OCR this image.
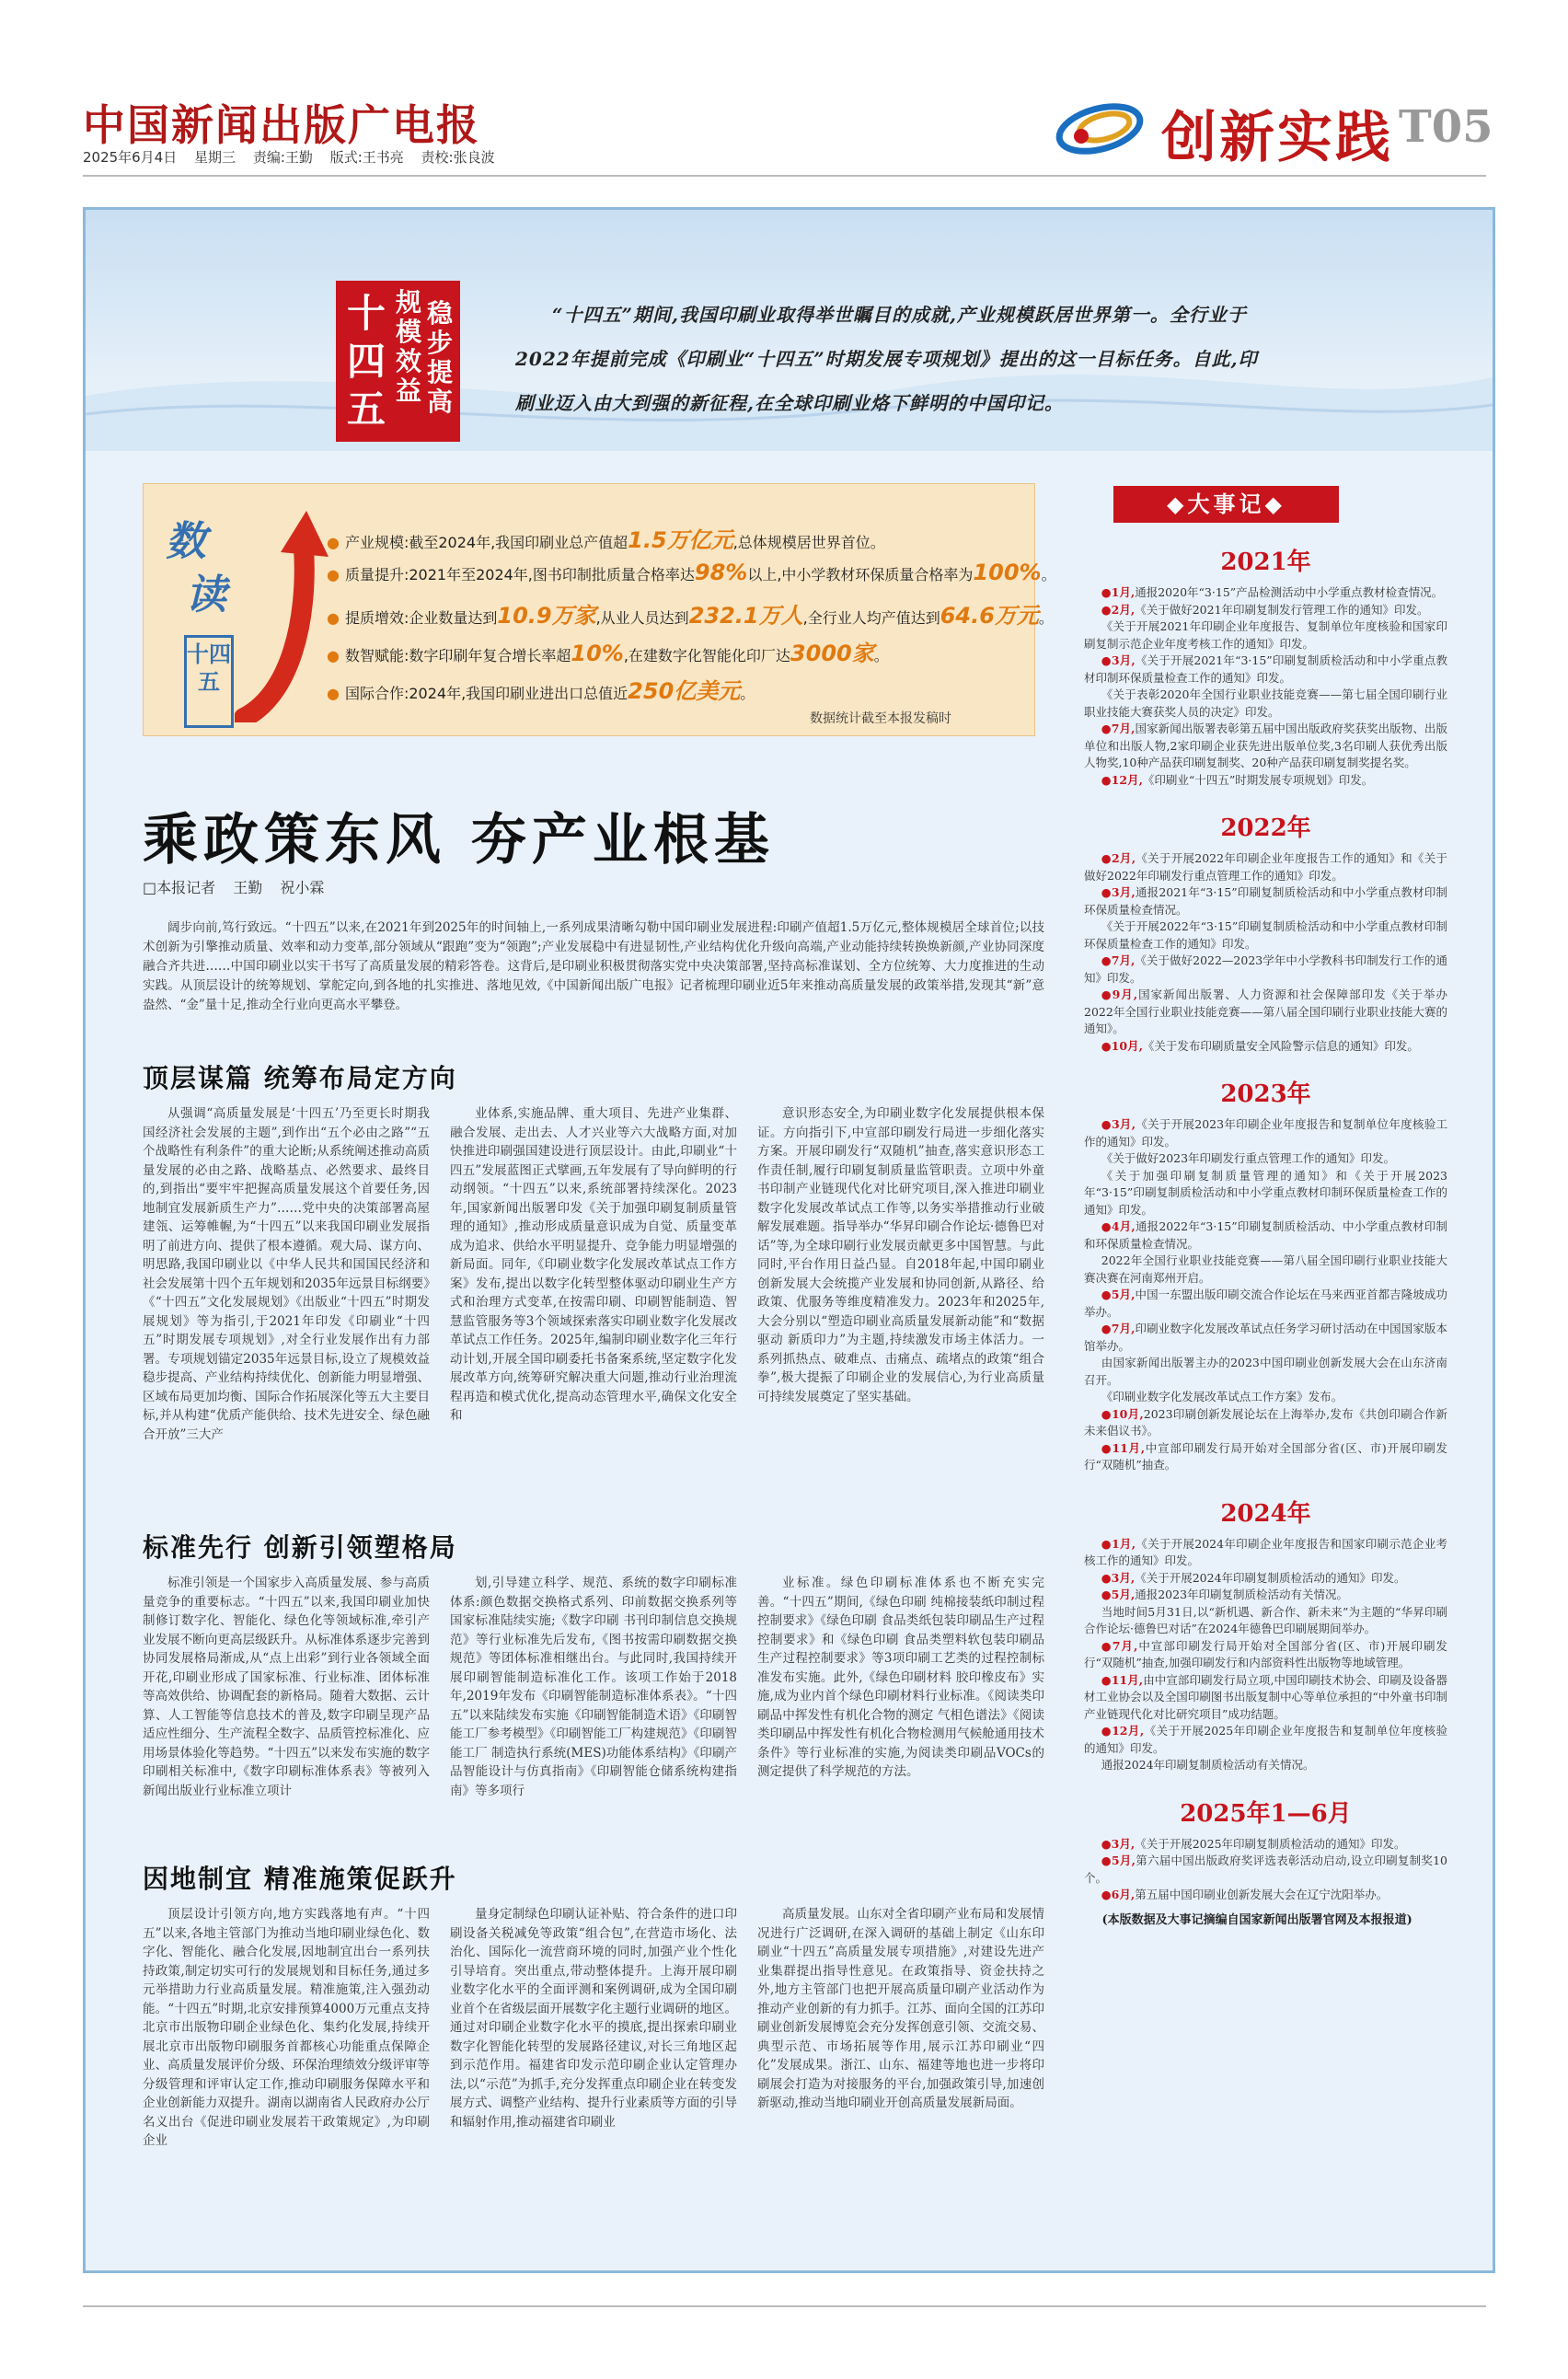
中国新闻出版广电报
2025年6月4日 星期三 责编:王勤 版式:王书亮 责校:张良波	创新实践 T05
十四五
规模效益
稳步提高
“十四五”期间,我国印刷业取得举世瞩目的成就,产业规模跃居世界第一。全行业于2022年提前完成《印刷业“十四五”时期发展专项规划》提出的这一目标任务。自此,印刷业迈入由大到强的新征程,在全球印刷业烙下鲜明的中国印记。
数
读
十四五
● 产业规模:截至2024年,我国印刷业总产值超1.5万亿元,总体规模居世界首位。
● 质量提升:2021年至2024年,图书印制批质量合格率达98%以上,中小学教材环保质量合格率为100%。
● 提质增效:企业数量达到10.9万家,从业人员达到232.1万人,全行业人均产值达到64.6万元。
● 数智赋能:数字印刷年复合增长率超10%,在建数字化智能化印厂达3000家。
● 国际合作:2024年,我国印刷业进出口总值近250亿美元。
数据统计截至本报发稿时
乘政策东风 夯产业根基
□本报记者 王勤 祝小霖
阔步向前,笃行致远。“十四五”以来,在2021年到2025年的时间轴上,一系列成果清晰勾勒中国印刷业发展进程:印刷产值超1.5万亿元,整体规模居全球首位;以技术创新为引擎推动质量、效率和动力变革,部分领域从“跟跑”变为“领跑”;产业发展稳中有进显韧性,产业结构优化升级向高端,产业动能持续转换焕新颜,产业协同深度融合齐共进……中国印刷业以实干书写了高质量发展的精彩答卷。这背后,是印刷业积极贯彻落实党中央决策部署,坚持高标准谋划、全方位统筹、大力度推进的生动实践。从顶层设计的统筹规划、掌舵定向,到各地的扎实推进、落地见效,《中国新闻出版广电报》记者梳理印刷业近5年来推动高质量发展的政策举措,发现其“新”意盎然、“金”量十足,推动全行业向更高水平攀登。
顶层谋篇 统筹布局定方向

从强调“高质量发展是‘十四五’乃至更长时期我国经济社会发展的主题”,到作出“五个必由之路”“五个战略性有利条件”的重大论断;从系统阐述推动高质量发展的必由之路、战略基点、必然要求、最终目的,到指出“要牢牢把握高质量发展这个首要任务,因地制宜发展新质生产力”……党中央的决策部署高屋建瓴、运筹帷幄,为“十四五”以来我国印刷业发展指明了前进方向、提供了根本遵循。观大局、谋方向、明思路,我国印刷业以《中华人民共和国国民经济和社会发展第十四个五年规划和2035年远景目标纲要》《“十四五”文化发展规划》《出版业“十四五”时期发展规划》等为指引,于2021年印发《印刷业“十四五”时期发展专项规划》,对全行业发展作出有力部署。专项规划锚定2035年远景目标,设立了规模效益稳步提高、产业结构持续优化、创新能力明显增强、区域布局更加均衡、国际合作拓展深化等五大主要目标,并从构建“优质产能供给、技术先进安全、绿色融合开放”三大产

业体系,实施品牌、重大项目、先进产业集群、融合发展、走出去、人才兴业等六大战略方面,对加快推进印刷强国建设进行顶层设计。由此,印刷业“十四五”发展蓝图正式擘画,五年发展有了导向鲜明的行动纲领。“十四五”以来,系统部署持续深化。2023年,国家新闻出版署印发《关于加强印刷复制质量管理的通知》,推动形成质量意识成为自觉、质量变革成为追求、供给水平明显提升、竞争能力明显增强的新局面。同年,《印刷业数字化发展改革试点工作方案》发布,提出以数字化转型整体驱动印刷业生产方式和治理方式变革,在按需印刷、印刷智能制造、智慧监管服务等3个领域探索落实印刷业数字化发展改革试点工作任务。2025年,编制印刷业数字化三年行动计划,开展全国印刷委托书备案系统,坚定数字化发展改革方向,统筹研究解决重大问题,推动行业治理流程再造和模式优化,提高动态管理水平,确保文化安全和

意识形态安全,为印刷业数字化发展提供根本保证。方向指引下,中宣部印刷发行局进一步细化落实方案。开展印刷发行“双随机”抽查,落实意识形态工作责任制,履行印刷复制质量监管职责。立项中外童书印制产业链现代化对比研究项目,深入推进印刷业数字化发展改革试点工作等,以务实举措推动行业破解发展难题。指导举办“华昇印刷合作论坛·德鲁巴对话”等,为全球印刷行业发展贡献更多中国智慧。与此同时,平台作用日益凸显。自2018年起,中国印刷业创新发展大会统揽产业发展和协同创新,从路径、给政策、优服务等维度精准发力。2023年和2025年,大会分别以“塑造印刷业高质量发展新动能”和“数据驱动 新质印力”为主题,持续激发市场主体活力。一系列抓热点、破难点、击痛点、疏堵点的政策“组合拳”,极大提振了印刷企业的发展信心,为行业高质量可持续发展奠定了坚实基础。

标准先行 创新引领塑格局

标准引领是一个国家步入高质量发展、参与高质量竞争的重要标志。“十四五”以来,我国印刷业加快制修订数字化、智能化、绿色化等领域标准,牵引产业发展不断向更高层级跃升。从标准体系逐步完善到协同发展格局渐成,从“点上出彩”到行业各领域全面开花,印刷业形成了国家标准、行业标准、团体标准等高效供给、协调配套的新格局。随着大数据、云计算、人工智能等信息技术的普及,数字印刷呈现产品适应性细分、生产流程全数字、品质管控标准化、应用场景体验化等趋势。“十四五”以来发布实施的数字印刷相关标准中,《数字印刷标准体系表》等被列入新闻出版业行业标准立项计

划,引导建立科学、规范、系统的数字印刷标准体系:颜色数据交换格式系列、印前数据交换系列等国家标准陆续实施;《数字印刷 书刊印制信息交换规范》等行业标准先后发布,《图书按需印刷数据交换规范》等团体标准相继出台。与此同时,我国持续开展印刷智能制造标准化工作。该项工作始于2018年,2019年发布《印刷智能制造标准体系表》。“十四五”以来陆续发布实施《印刷智能制造术语》《印刷智能工厂参考模型》《印刷智能工厂构建规范》《印刷智能工厂 制造执行系统(MES)功能体系结构》《印刷产品智能设计与仿真指南》《印刷智能仓储系统构建指南》等多项行

业标准。绿色印刷标准体系也不断充实完善。“十四五”期间,《绿色印刷 纯棉接装纸印制过程控制要求》《绿色印刷 食品类纸包装印刷品生产过程控制要求》和《绿色印刷 食品类塑料软包装印刷品生产过程控制要求》等3项印刷工艺类的过程控制标准发布实施。此外,《绿色印刷材料 胶印橡皮布》实施,成为业内首个绿色印刷材料行业标准。《阅读类印刷品中挥发性有机化合物的测定 气相色谱法》《阅读类印刷品中挥发性有机化合物检测用气候舱通用技术条件》等行业标准的实施,为阅读类印刷品VOCs的测定提供了科学规范的方法。

因地制宜 精准施策促跃升

顶层设计引领方向,地方实践落地有声。“十四五”以来,各地主管部门为推动当地印刷业绿色化、数字化、智能化、融合化发展,因地制宜出台一系列扶持政策,制定切实可行的发展规划和目标任务,通过多元举措助力行业高质量发展。精准施策,注入强劲动能。“十四五”时期,北京安排预算4000万元重点支持北京市出版物印刷企业绿色化、集约化发展,持续开展北京市出版物印刷服务首都核心功能重点保障企业、高质量发展评价分级、环保治理绩效分级评审等分级管理和评审认定工作,推动印刷服务保障水平和企业创新能力双提升。湖南以湖南省人民政府办公厅名义出台《促进印刷业发展若干政策规定》,为印刷企业

量身定制绿色印刷认证补贴、符合条件的进口印刷设备关税减免等政策“组合包”,在营造市场化、法治化、国际化一流营商环境的同时,加强产业个性化引导培育。突出重点,带动整体提升。上海开展印刷业数字化水平的全面评测和案例调研,成为全国印刷业首个在省级层面开展数字化主题行业调研的地区。通过对印刷企业数字化水平的摸底,提出探索印刷业数字化智能化转型的发展路径建议,对长三角地区起到示范作用。福建省印发示范印刷企业认定管理办法,以“示范”为抓手,充分发挥重点印刷企业在转变发展方式、调整产业结构、提升行业素质等方面的引导和辐射作用,推动福建省印刷业

高质量发展。山东对全省印刷产业布局和发展情况进行广泛调研,在深入调研的基础上制定《山东印刷业“十四五”高质量发展专项措施》,对建设先进产业集群提出指导性意见。在政策指导、资金扶持之外,地方主管部门也把开展高质量印刷产业活动作为推动产业创新的有力抓手。江苏、面向全国的江苏印刷业创新发展博览会充分发挥创意引领、交流交易、典型示范、市场拓展等作用,展示江苏印刷业“四化”发展成果。浙江、山东、福建等地也进一步将印刷展会打造为对接服务的平台,加强政策引导,加速创新驱动,推动当地印刷业开创高质量发展新局面。

◆大事记◆
2021年

●1月,通报2020年“3·15”产品检测活动中小学重点教材检查情况。

●2月,《关于做好2021年印刷复制发行管理工作的通知》印发。

《关于开展2021年印刷企业年度报告、复制单位年度核验和国家印刷复制示范企业年度考核工作的通知》印发。

●3月,《关于开展2021年“3·15”印刷复制质检活动和中小学重点教材印制环保质量检查工作的通知》印发。

《关于表彰2020年全国行业职业技能竞赛——第七届全国印刷行业职业技能大赛获奖人员的决定》印发。

●7月,国家新闻出版署表彰第五届中国出版政府奖获奖出版物、出版单位和出版人物,2家印刷企业获先进出版单位奖,3名印刷人获优秀出版人物奖,10种产品获印刷复制奖、20种产品获印刷复制奖提名奖。

●12月,《印刷业“十四五”时期发展专项规划》印发。

2022年

●2月,《关于开展2022年印刷企业年度报告工作的通知》和《关于做好2022年印刷发行重点管理工作的通知》印发。

●3月,通报2021年“3·15”印刷复制质检活动和中小学重点教材印制环保质量检查情况。

《关于开展2022年“3·15”印刷复制质检活动和中小学重点教材印制环保质量检查工作的通知》印发。

●7月,《关于做好2022—2023学年中小学教科书印制发行工作的通知》印发。

●9月,国家新闻出版署、人力资源和社会保障部印发《关于举办2022年全国行业职业技能竞赛——第八届全国印刷行业职业技能大赛的通知》。

●10月,《关于发布印刷质量安全风险警示信息的通知》印发。

2023年

●3月,《关于开展2023年印刷企业年度报告和复制单位年度核验工作的通知》印发。

《关于做好2023年印刷发行重点管理工作的通知》印发。

《关于加强印刷复制质量管理的通知》和《关于开展2023年“3·15”印刷复制质检活动和中小学重点教材印制环保质量检查工作的通知》印发。

●4月,通报2022年“3·15”印刷复制质检活动、中小学重点教材印制和环保质量检查情况。

2022年全国行业职业技能竞赛——第八届全国印刷行业职业技能大赛决赛在河南郑州开启。

●5月,中国一东盟出版印刷交流合作论坛在马来西亚首都吉隆坡成功举办。

●7月,印刷业数字化发展改革试点任务学习研讨活动在中国国家版本馆举办。

由国家新闻出版署主办的2023中国印刷业创新发展大会在山东济南召开。

《印刷业数字化发展改革试点工作方案》发布。

●10月,2023印刷创新发展论坛在上海举办,发布《共创印刷合作新未来倡议书》。

●11月,中宣部印刷发行局开始对全国部分省(区、市)开展印刷发行“双随机”抽查。

2024年

●1月,《关于开展2024年印刷企业年度报告和国家印刷示范企业考核工作的通知》印发。

●3月,《关于开展2024年印刷复制质检活动的通知》印发。

●5月,通报2023年印刷复制质检活动有关情况。

当地时间5月31日,以“新机遇、新合作、新未来”为主题的“华昇印刷合作论坛·德鲁巴对话”在2024年德鲁巴印刷展期间举办。

●7月,中宣部印刷发行局开始对全国部分省(区、市)开展印刷发行“双随机”抽查,加强印刷发行和内部资料性出版物等地域管理。

●11月,由中宣部印刷发行局立项,中国印刷技术协会、印刷及设备器材工业协会以及全国印刷图书出版复制中心等单位承担的“中外童书印制产业链现代化对比研究项目”成功结题。

●12月,《关于开展2025年印刷企业年度报告和复制单位年度核验的通知》印发。

通报2024年印刷复制质检活动有关情况。

2025年1—6月

●3月,《关于开展2025年印刷复制质检活动的通知》印发。

●5月,第六届中国出版政府奖评选表彰活动启动,设立印刷复制奖10个。

●6月,第五届中国印刷业创新发展大会在辽宁沈阳举办。

(本版数据及大事记摘编自国家新闻出版署官网及本报报道)
